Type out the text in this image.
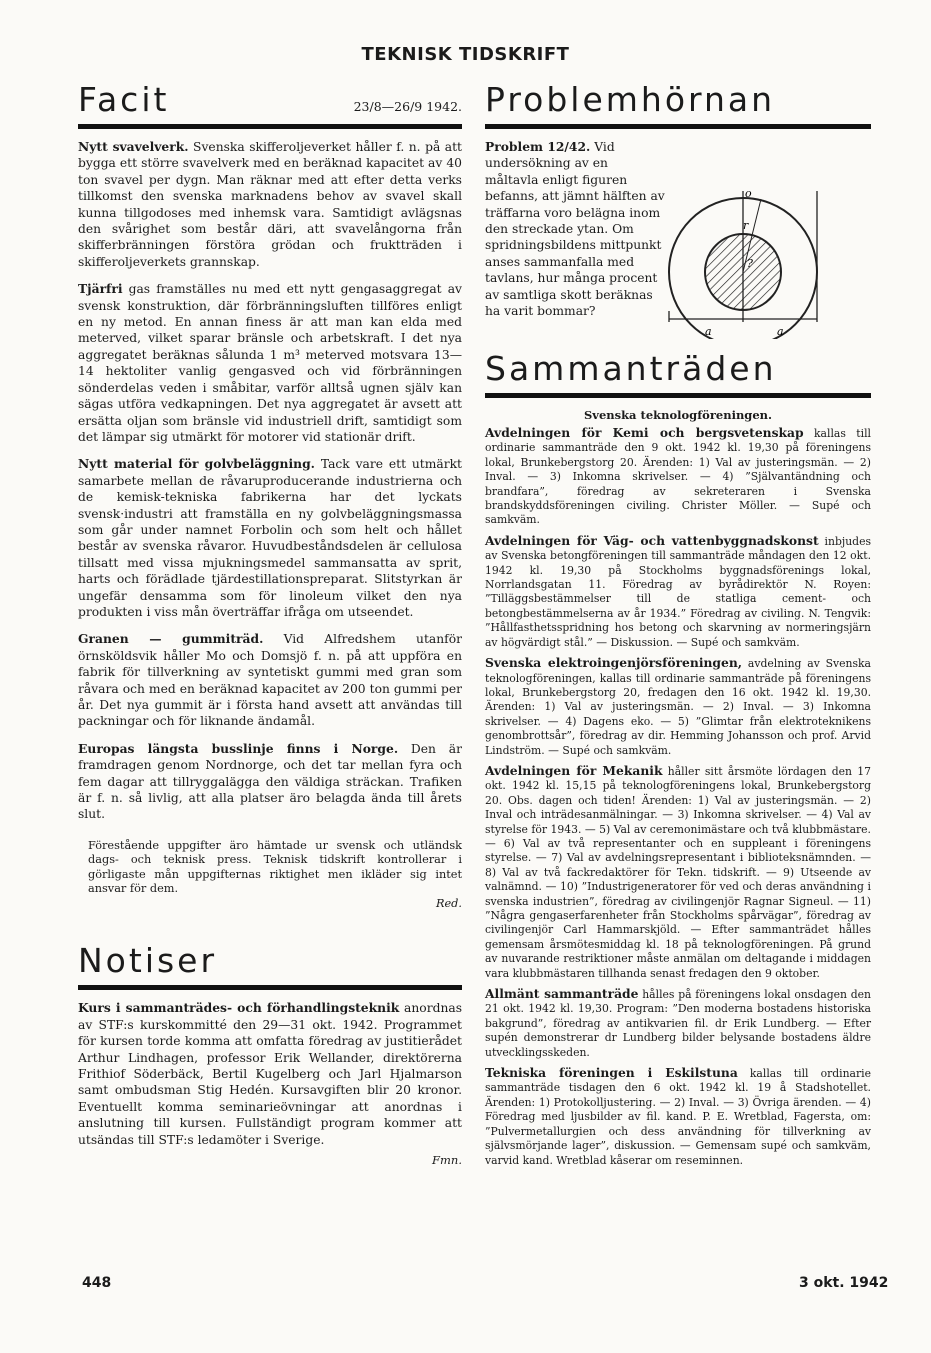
TEKNISK TIDSKRIFT
Facit	23/8—26/9 1942.

Nytt svavelverk. Svenska skifferoljeverket håller f. n. på att bygga ett större svavelverk med en beräknad kapacitet av 40 ton svavel per dygn. Man räknar med att efter detta verks tillkomst den svenska marknadens behov av svavel skall kunna tillgodoses med inhemsk vara. Samtidigt avlägsnas den svårighet som består däri, att svavelångorna från skifferbränningen förstöra grödan och fruktträden i skifferoljeverkets grannskap.

Tjärfri gas framställes nu med ett nytt gengasaggregat av svensk konstruktion, där förbränningsluften tillföres enligt en ny metod. En annan finess är att man kan elda med meterved, vilket sparar bränsle och arbetskraft. I det nya aggregatet beräknas sålunda 1 m³ meterved motsvara 13—14 hektoliter vanlig gengasved och vid förbränningen sönderdelas veden i småbitar, varför alltså ugnen själv kan sägas utföra vedkapningen. Det nya aggregatet är avsett att ersätta oljan som bränsle vid industriell drift, samtidigt som det lämpar sig utmärkt för motorer vid stationär drift.

Nytt material för golvbeläggning. Tack vare ett utmärkt samarbete mellan de råvaruproducerande industrierna och de kemisk-tekniska fabrikerna har det lyckats svensk·industri att framställa en ny golvbeläggningsmassa som går under namnet Forbolin och som helt och hållet består av svenska råvaror. Huvudbeståndsdelen är cellulosa tillsatt med vissa mjukningsmedel sammansatta av sprit, harts och förädlade tjärdestillationspreparat. Slitstyrkan är ungefär densamma som för linoleum vilket den nya produkten i viss mån överträffar ifråga om utseendet.

Granen — gummiträd. Vid Alfredshem utanför örnsköldsvik håller Mo och Domsjö f. n. på att uppföra en fabrik för tillverkning av syntetiskt gummi med gran som råvara och med en beräknad kapacitet av 200 ton gummi per år. Det nya gummit är i första hand avsett att användas till packningar och för liknande ändamål.

Europas längsta busslinje finns i Norge. Den är framdragen genom Nordnorge, och det tar mellan fyra och fem dagar att tillryggalägga den väldiga sträckan. Trafiken är f. n. så livlig, att alla platser äro belagda ända till årets slut.

Förestående uppgifter äro hämtade ur svensk och utländsk dags- och teknisk press. Teknisk tidskrift kontrollerar i görligaste mån uppgifternas riktighet men ikläder sig intet ansvar för dem.
Red.
Notiser

Kurs i sammanträdes- och förhandlingsteknik anordnas av STF:s kurskommitté den 29—31 okt. 1942. Programmet för kursen torde komma att omfatta föredrag av justitierådet Arthur Lindhagen, professor Erik Wellander, direktörerna Frithiof Söderbäck, Bertil Kugelberg och Jarl Hjalmarson samt ombudsman Stig Hedén. Kursavgiften blir 20 kronor. Eventuellt komma seminarieövningar att anordnas i anslutning till kursen. Fullständigt program kommer att utsändas till STF:s ledamöter i Sverige.

Fmn.
Problemhörnan

Problem 12/42. Vid undersökning av en måltavla enligt figuren befanns, att jämnt hälften av träffarna voro belägna inom den streckade ytan. Om spridningsbildens mittpunkt anses sammanfalla med tavlans, hur många procent av samtliga skott beräknas ha varit bommar?

o
r
?
a	a
Sammanträden
Svenska teknologföreningen.

Avdelningen för Kemi och bergsvetenskap kallas till ordinarie sammanträde den 9 okt. 1942 kl. 19,30 på föreningens lokal, Brunkebergstorg 20. Ärenden: 1) Val av justeringsmän. — 2) Inval. — 3) Inkomna skrivelser. — 4) ”Självantändning och brandfara”, föredrag av sekreteraren i Svenska brandskyddsföreningen civiling. Christer Möller. — Supé och samkväm.

Avdelningen för Väg- och vattenbyggnadskonst inbjudes av Svenska betongföreningen till sammanträde måndagen den 12 okt. 1942 kl. 19,30 på Stockholms byggnadsförenings lokal, Norrlandsgatan 11. Föredrag av byrådirektör N. Royen: ”Tilläggsbestämmelser till de statliga cement- och betongbestämmelserna av år 1934.” Föredrag av civiling. N. Tengvik: ”Hållfasthetsspridning hos betong och skarvning av normeringsjärn av högvärdigt stål.” — Diskussion. — Supé och samkväm.

Svenska elektroingenjörsföreningen, avdelning av Svenska teknologföreningen, kallas till ordinarie sammanträde på föreningens lokal, Brunkebergstorg 20, fredagen den 16 okt. 1942 kl. 19,30. Ärenden: 1) Val av justeringsmän. — 2) Inval. — 3) Inkomna skrivelser. — 4) Dagens eko. — 5) ”Glimtar från elektroteknikens genombrottsår”, föredrag av dir. Hemming Johansson och prof. Arvid Lindström. — Supé och samkväm.

Avdelningen för Mekanik håller sitt årsmöte lördagen den 17 okt. 1942 kl. 15,15 på teknologföreningens lokal, Brunkebergstorg 20. Obs. dagen och tiden! Ärenden: 1) Val av justeringsmän. — 2) Inval och inträdesanmälningar. — 3) Inkomna skrivelser. — 4) Val av styrelse för 1943. — 5) Val av ceremonimästare och två klubbmästare. — 6) Val av två representanter och en suppleant i föreningens styrelse. — 7) Val av avdelningsrepresentant i biblioteksnämnden. — 8) Val av två fackredaktörer för Tekn. tidskrift. — 9) Utseende av valnämnd. — 10) ”Industrigeneratorer för ved och deras användning i svenska industrien”, föredrag av civilingenjör Ragnar Signeul. — 11) ”Några gengaserfarenheter från Stockholms spårvägar”, föredrag av civilingenjör Carl Hammarskjöld. — Efter sammanträdet hålles gemensam årsmötesmiddag kl. 18 på teknologföreningen. På grund av nuvarande restriktioner måste anmälan om deltagande i middagen vara klubbmästaren tillhanda senast fredagen den 9 oktober.

Allmänt sammanträde hålles på föreningens lokal onsdagen den 21 okt. 1942 kl. 19,30. Program: ”Den moderna bostadens historiska bakgrund”, föredrag av antikvarien fil. dr Erik Lundberg. — Efter supén demonstrerar dr Lundberg bilder belysande bostadens äldre utvecklingsskeden.

Tekniska föreningen i Eskilstuna kallas till ordinarie sammanträde tisdagen den 6 okt. 1942 kl. 19 å Stadshotellet. Ärenden: 1) Protokolljustering. — 2) Inval. — 3) Övriga ärenden. — 4) Föredrag med ljusbilder av fil. kand. P. E. Wretblad, Fagersta, om: ”Pulvermetallurgien och dess användning för tillverkning av självsmörjande lager”, diskussion. — Gemensam supé och samkväm, varvid kand. Wretblad kåserar om reseminnen.

448	3 okt. 1942
